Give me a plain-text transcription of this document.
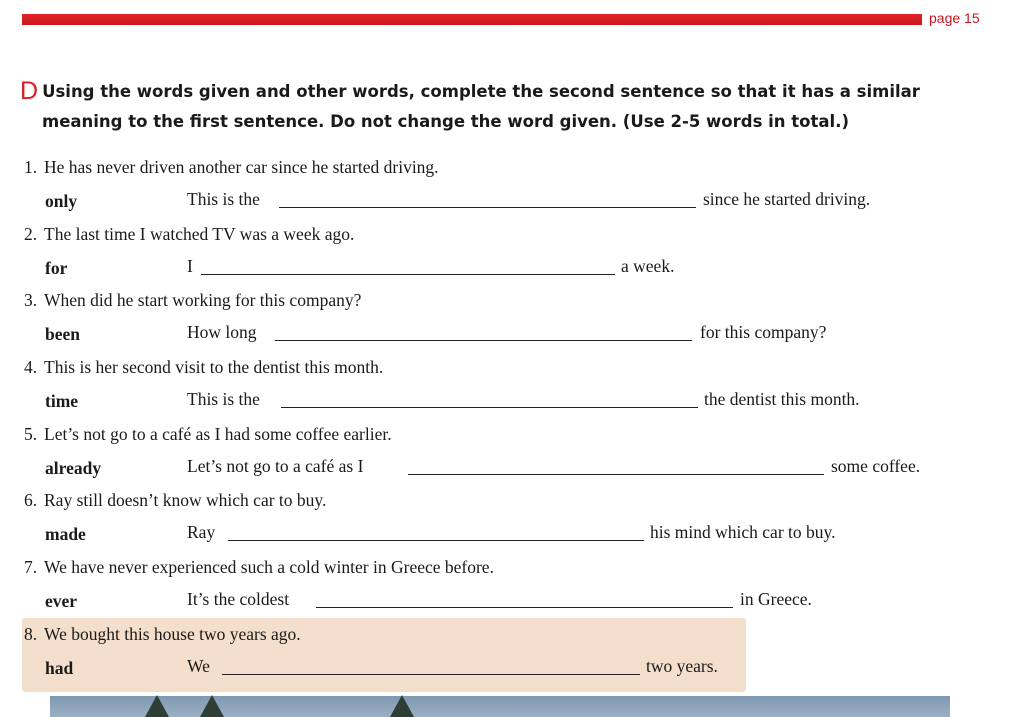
page 15
D Using the words given and other words, complete the second sentence so that it has a similar
meaning to the first sentence. Do not change the word given. (Use 2-5 words in total.)
1. He has never driven another car since he started driving.
only	This is the	since he started driving.
2. The last time I watched TV was a week ago.
for	I	a week.
3. When did he start working for this company?
been	How long	for this company?
4. This is her second visit to the dentist this month.
time	This is the	the dentist this month.
5. Let’s not go to a café as I had some coffee earlier.
already	Let’s not go to a café as I	some coffee.
6. Ray still doesn’t know which car to buy.
made	Ray	his mind which car to buy.
7. We have never experienced such a cold winter in Greece before.
ever	It’s the coldest	in Greece.
8. We bought this house two years ago.
had	We	two years.
